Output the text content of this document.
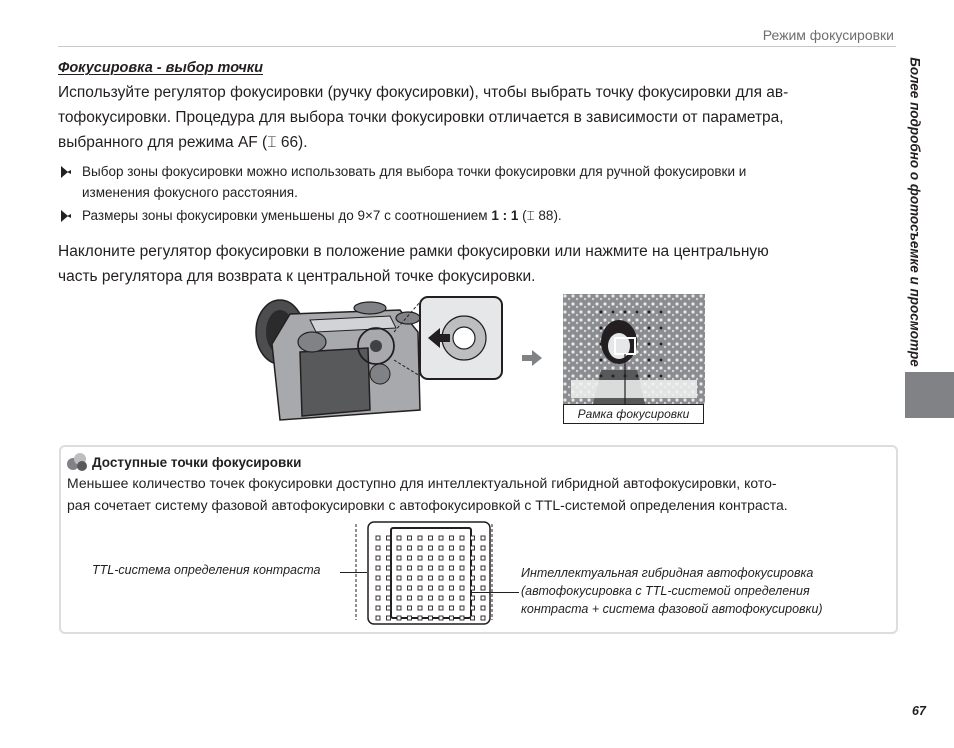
Режим фокусировки
Фокусировка - выбор точки
Используйте регулятор фокусировки (ручку фокусировки), чтобы выбрать точку фокусировки для ав-
тофокусировки. Процедура для выбора точки фокусировки отличается в зависимости от параметра,
выбранного для режима AF (⌶ 66).
Выбор зоны фокусировки можно использовать для выбора точки фокусировки для ручной фокусировки и
изменения фокусного расстояния.
Размеры зоны фокусировки уменьшены до 9×7 с соотношением 1 : 1 (⌶ 88).
Наклоните регулятор фокусировки в положение рамки фокусировки или нажмите на центральную
часть регулятора для возврата к центральной точке фокусировки.
Рамка фокусировки
Более подробно о фотосъемке и просмотре
Доступные точки фокусировки
Меньшее количество точек фокусировки доступно для интеллектуальной гибридной автофокусировки, кото-
рая сочетает систему фазовой автофокусировки с автофокусировкой с TTL-системой определения контраста.
TTL-система определения контраста	Интеллектуальная гибридная автофокусировка
(автофокусировка с TTL-системой определения
контраста + система фазовой автофокусировки)
67
